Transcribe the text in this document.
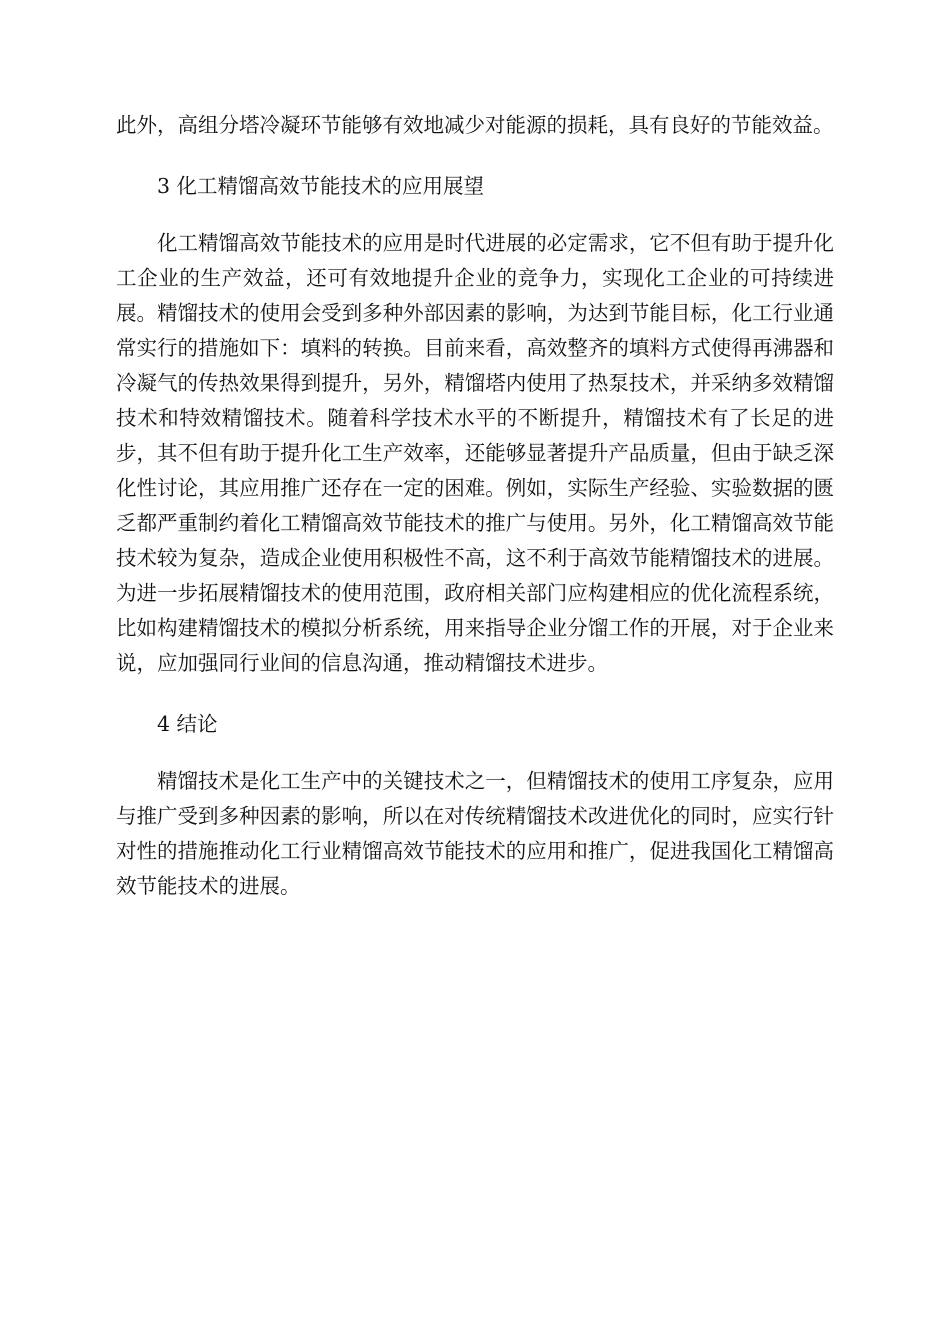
此外，高组分塔冷凝环节能够有效地减少对能源的损耗，具有良好的节能效益。

3 化工精馏高效节能技术的应用展望

化工精馏高效节能技术的应用是时代进展的必定需求，它不但有助于提升化工企业的生产效益，还可有效地提升企业的竞争力，实现化工企业的可持续进展。精馏技术的使用会受到多种外部因素的影响，为达到节能目标，化工行业通常实行的措施如下：填料的转换。目前来看，高效整齐的填料方式使得再沸器和冷凝气的传热效果得到提升，另外，精馏塔内使用了热泵技术，并采纳多效精馏技术和特效精馏技术。随着科学技术水平的不断提升，精馏技术有了长足的进步，其不但有助于提升化工生产效率，还能够显著提升产品质量，但由于缺乏深化性讨论，其应用推广还存在一定的困难。例如，实际生产经验、实验数据的匮乏都严重制约着化工精馏高效节能技术的推广与使用。另外，化工精馏高效节能技术较为复杂，造成企业使用积极性不高，这不利于高效节能精馏技术的进展。为进一步拓展精馏技术的使用范围，政府相关部门应构建相应的优化流程系统，比如构建精馏技术的模拟分析系统，用来指导企业分馏工作的开展，对于企业来说，应加强同行业间的信息沟通，推动精馏技术进步。

4 结论

精馏技术是化工生产中的关键技术之一，但精馏技术的使用工序复杂，应用与推广受到多种因素的影响，所以在对传统精馏技术改进优化的同时，应实行针对性的措施推动化工行业精馏高效节能技术的应用和推广，促进我国化工精馏高效节能技术的进展。
